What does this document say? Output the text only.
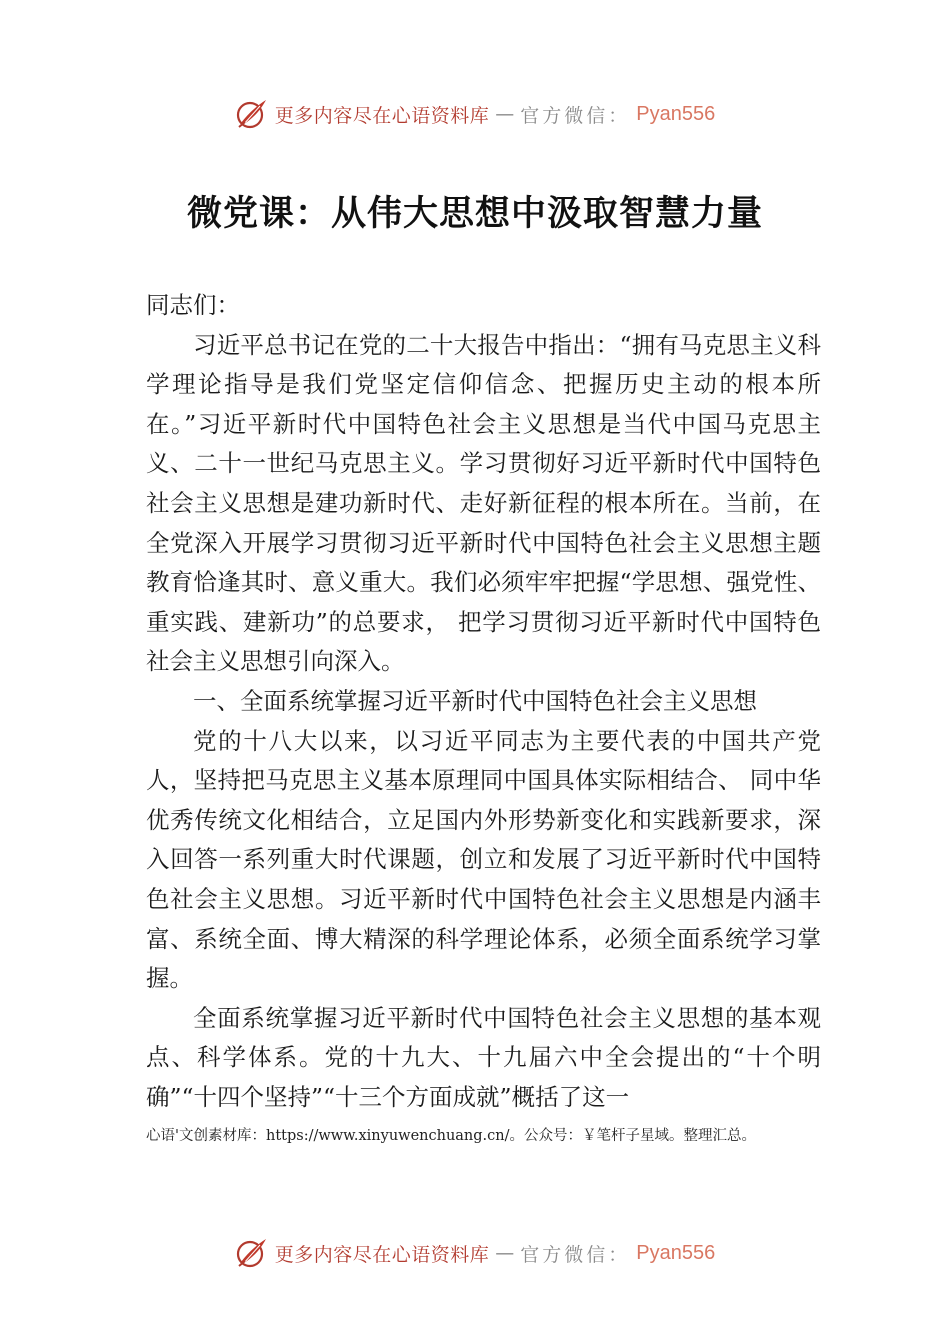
更多内容尽在心语资料库 — 官方微信： Pyan556
微党课：从伟大思想中汲取智慧力量

同志们：

习近平总书记在党的二十大报告中指出：“拥有马克思主义科学理论指导是我们党坚定信仰信念、把握历史主动的根本所在。”习近平新时代中国特色社会主义思想是当代中国马克思主义、二十一世纪马克思主义。学习贯彻好习近平新时代中国特色社会主义思想是建功新时代、走好新征程的根本所在。当前，在全党深入开展学习贯彻习近平新时代中国特色社会主义思想主题教育恰逢其时、意义重大。我们必须牢牢把握“学思想、强党性、重实践、建新功”的总要求， 把学习贯彻习近平新时代中国特色社会主义思想引向深入。

一、全面系统掌握习近平新时代中国特色社会主义思想

党的十八大以来，以习近平同志为主要代表的中国共产党人，坚持把马克思主义基本原理同中国具体实际相结合、 同中华优秀传统文化相结合，立足国内外形势新变化和实践新要求，深入回答一系列重大时代课题，创立和发展了习近平新时代中国特色社会主义思想。习近平新时代中国特色社会主义思想是内涵丰富、系统全面、博大精深的科学理论体系，必须全面系统学习掌握。

全面系统掌握习近平新时代中国特色社会主义思想的基本观点、科学体系。党的十九大、十九届六中全会提出的“十个明确”“十四个坚持”“十三个方面成就”概括了这一

心语'文创素材库：https://www.xinyuwenchuang.cn/。公众号：￥笔杆子星域。整理汇总。
更多内容尽在心语资料库 — 官方微信： Pyan556
